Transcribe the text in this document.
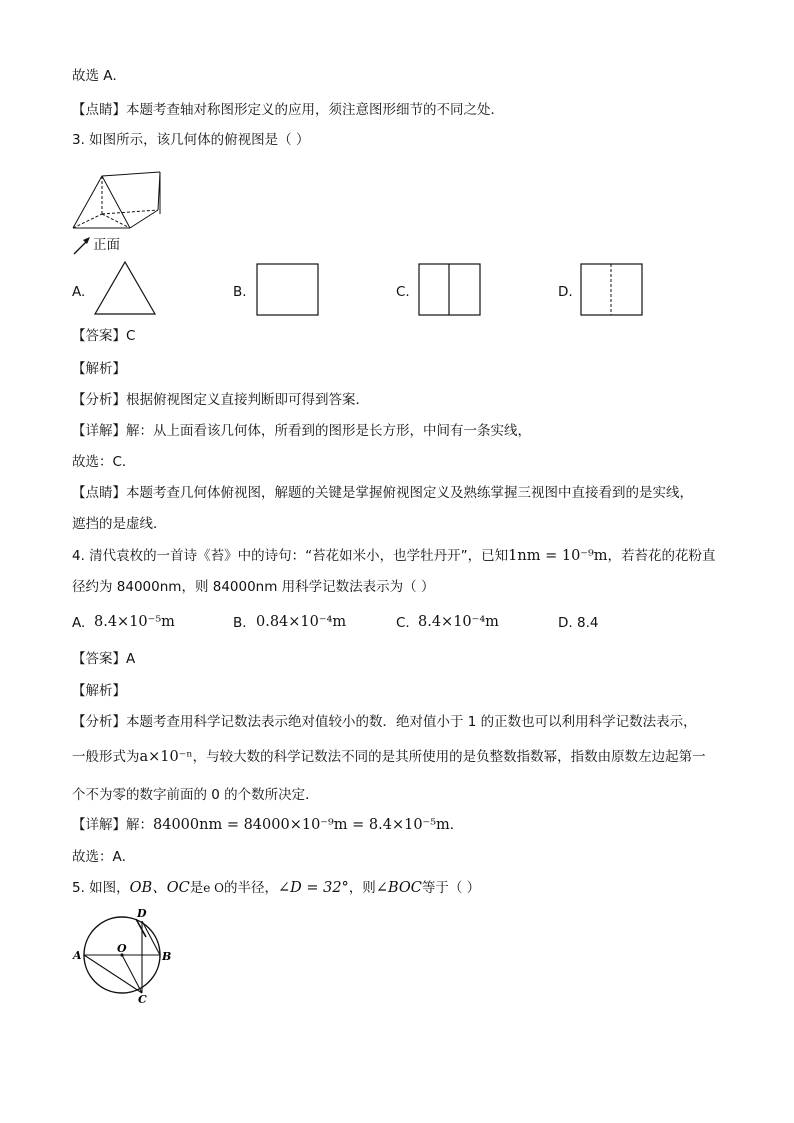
故选 A．
【点睛】本题考查轴对称图形定义的应用，须注意图形细节的不同之处．
3. 如图所示，该几何体的俯视图是（ ）
正面
A.	B.	C.	D.
【答案】C
【解析】
【分析】根据俯视图定义直接判断即可得到答案．
【详解】解：从上面看该几何体，所看到的图形是长方形，中间有一条实线，
故选：C．
【点睛】本题考查几何体俯视图，解题的关键是掌握俯视图定义及熟练掌握三视图中直接看到的是实线，
遮挡的是虚线．
4. 清代袁枚的一首诗《苔》中的诗句：“苔花如米小，也学牡丹开”，已知1nm = 10⁻⁹m，若苔花的花粉直
径约为 84000nm，则 84000nm 用科学记数法表示为（ ）
A. 8.4×10⁻⁵m	B. 0.84×10⁻⁴m	C. 8.4×10⁻⁴m	D. 8.4
【答案】A
【解析】
【分析】本题考查用科学记数法表示绝对值较小的数．绝对值小于 1 的正数也可以利用科学记数法表示，
一般形式为a×10⁻ⁿ，与较大数的科学记数法不同的是其所使用的是负整数指数幂，指数由原数左边起第一
个不为零的数字前面的 0 的个数所决定．
【详解】解：84000nm = 84000×10⁻⁹m = 8.4×10⁻⁵m．
故选：A．
5. 如图，OB、OC是e O的半径，∠D = 32°，则∠BOC等于（ ）
A	B
C
D
O
